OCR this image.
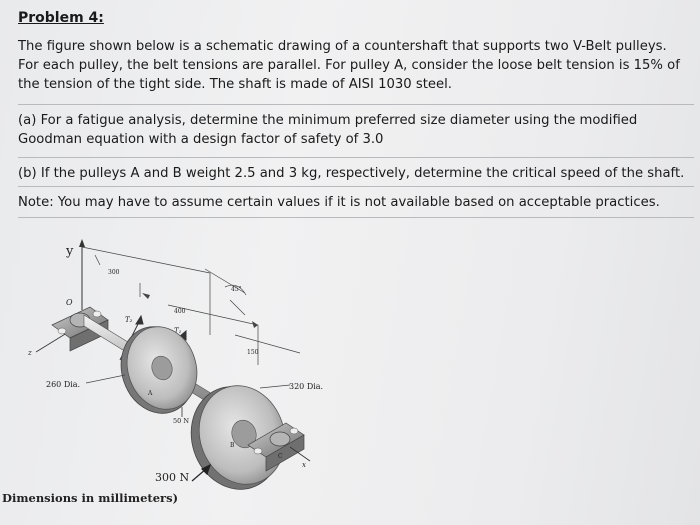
Problem 4:
The figure shown below is a schematic drawing of a countershaft that supports two V-Belt pulleys. For each pulley, the belt tensions are parallel. For pulley A, consider the loose belt tension is 15% of the tension of the tight side. The shaft is made of AISI 1030 steel.
(a) For a fatigue analysis, determine the minimum preferred size diameter using the modified Goodman equation with a design factor of safety of 3.0
(b) If the pulleys A and B weight 2.5 and 3 kg, respectively, determine the critical speed of the shaft.
Note: You may have to assume certain values if it is not available based on acceptable practices.
y
O
z
300
400
150
45°
T₂
T₁
A
B
C
x
260 Dia.	320 Dia.
50 N
300 N
Dimensions in millimeters)
